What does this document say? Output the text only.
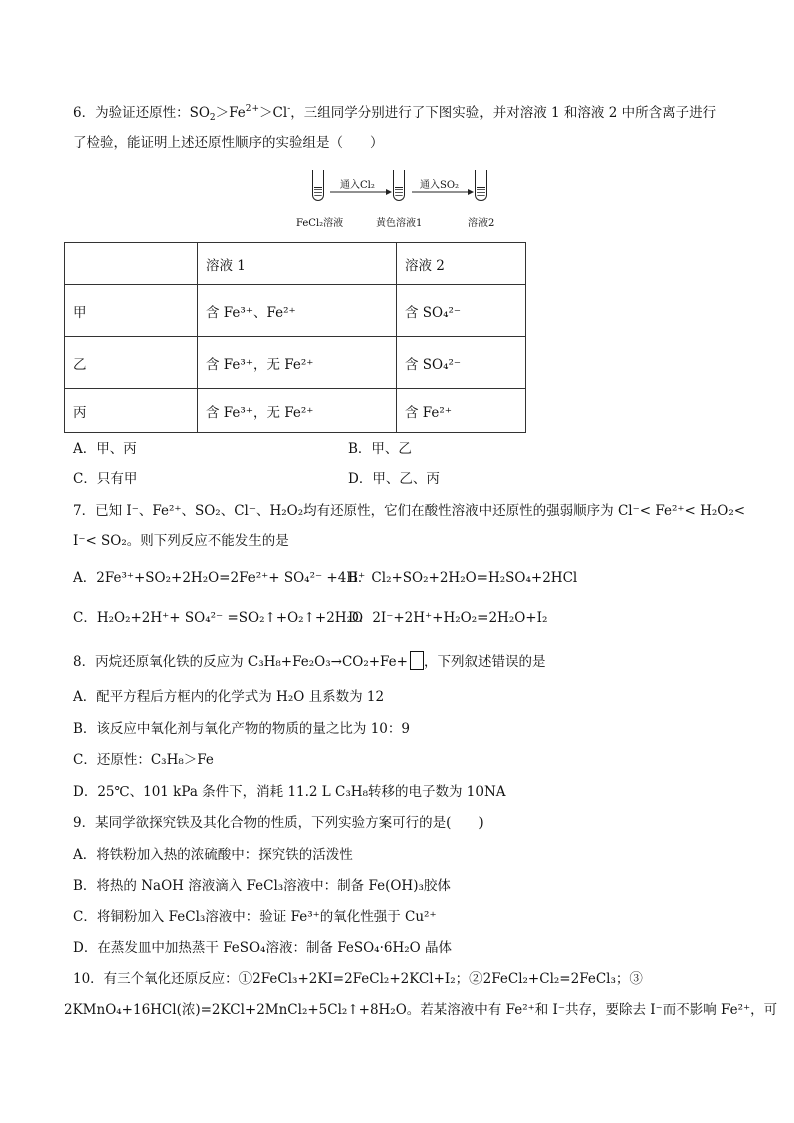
6．为验证还原性：$SO_2>Fe^{2+}>Cl^-$，三组同学分别进行了下图实验，并对溶液 1 和溶液 2 中所含离子进行
了检验，能证明上述还原性顺序的实验组是（　　）
通入Cl₂	通入SO₂
FeCl₂溶液	黄色溶液1	溶液2
	溶液 1	溶液 2
甲	含 Fe³⁺、Fe²⁺	含 SO₄²⁻
乙	含 Fe³⁺，无 Fe²⁺	含 SO₄²⁻
丙	含 Fe³⁺，无 Fe²⁺	含 Fe²⁺
A．甲、丙	B．甲、乙
C．只有甲	D．甲、乙、丙
7．已知 I⁻、Fe²⁺、SO₂、Cl⁻、H₂O₂均有还原性，它们在酸性溶液中还原性的强弱顺序为 Cl⁻< Fe²⁺< H₂O₂<
I⁻< SO₂。则下列反应不能发生的是
A．2Fe³⁺+SO₂+2H₂O=2Fe²⁺+ SO₄²⁻ +4H⁺
B．Cl₂+SO₂+2H₂O=H₂SO₄+2HCl
C．H₂O₂+2H⁺+ SO₄²⁻ =SO₂↑+O₂↑+2H₂O
D．2I⁻+2H⁺+H₂O₂=2H₂O+I₂
8．丙烷还原氧化铁的反应为 C₃H₈+Fe₂O₃→CO₂+Fe+ ，下列叙述错误的是
A．配平方程后方框内的化学式为 H₂O 且系数为 12
B．该反应中氧化剂与氧化产物的物质的量之比为 10：9
C．还原性：C₃H₈＞Fe
D．25℃、101 kPa 条件下，消耗 11.2 L C₃H₈转移的电子数为 10NA
9．某同学欲探究铁及其化合物的性质，下列实验方案可行的是(　　)
A．将铁粉加入热的浓硫酸中：探究铁的活泼性
B．将热的 NaOH 溶液滴入 FeCl₃溶液中：制备 Fe(OH)₃胶体
C．将铜粉加入 FeCl₃溶液中：验证 Fe³⁺的氧化性强于 Cu²⁺
D．在蒸发皿中加热蒸干 FeSO₄溶液：制备 FeSO₄·6H₂O 晶体
10．有三个氧化还原反应：①2FeCl₃+2KI=2FeCl₂+2KCl+I₂；②2FeCl₂+Cl₂=2FeCl₃；③
2KMnO₄+16HCl(浓)=2KCl+2MnCl₂+5Cl₂↑+8H₂O。若某溶液中有 Fe²⁺和 I⁻共存，要除去 I⁻而不影响 Fe²⁺，可
